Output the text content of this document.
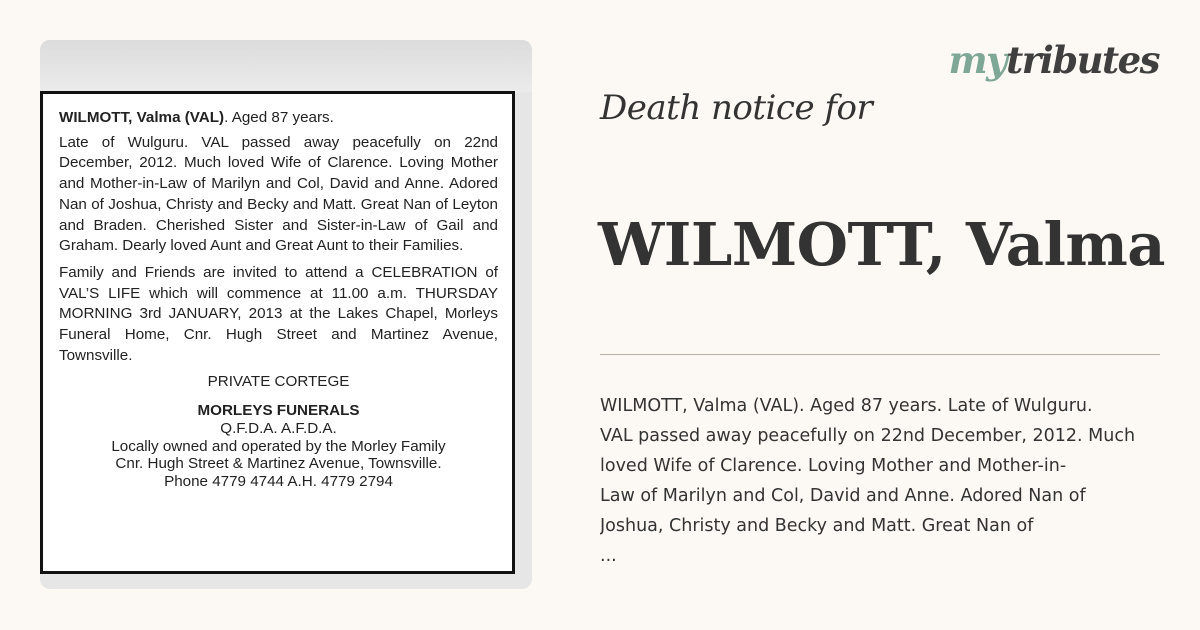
WILMOTT, Valma (VAL). Aged 87 years.

Late of Wulguru. VAL passed away peacefully on 22nd December, 2012. Much loved Wife of Clarence. Loving Mother and Mother-in-Law of Marilyn and Col, David and Anne. Adored Nan of Joshua, Christy and Becky and Matt. Great Nan of Leyton and Braden. Cherished Sister and Sister-in-Law of Gail and Graham. Dearly loved Aunt and Great Aunt to their Families.

Family and Friends are invited to attend a CELEBRATION of VAL’S LIFE which will commence at 11.00 a.m. THURSDAY MORNING 3rd JANUARY, 2013 at the Lakes Chapel, Morleys Funeral Home, Cnr. Hugh Street and Martinez Avenue, Townsville.

PRIVATE CORTEGE

MORLEYS FUNERALS

Q.F.D.A. A.F.D.A.

Locally owned and operated by the Morley Family

Cnr. Hugh Street & Martinez Avenue, Townsville.

Phone 4779 4744 A.H. 4779 2794

mytributes
Death notice for
WILMOTT, Valma
WILMOTT, Valma (VAL). Aged 87 years. Late of Wulguru.
VAL passed away peacefully on 22nd December, 2012. Much
loved Wife of Clarence. Loving Mother and Mother-in-
Law of Marilyn and Col, David and Anne. Adored Nan of
Joshua, Christy and Becky and Matt. Great Nan of
...
